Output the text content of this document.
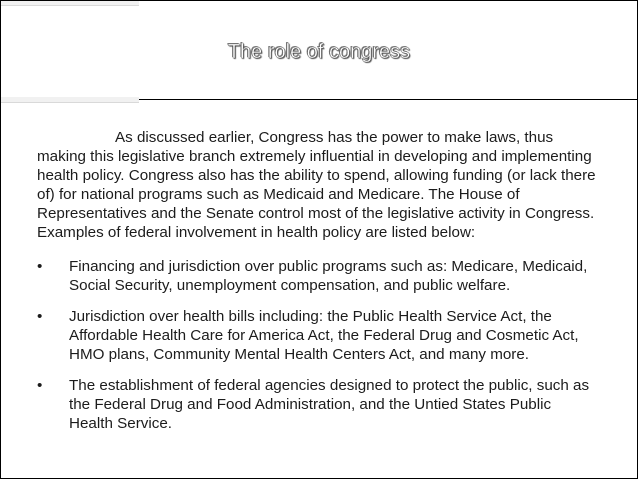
The role of congress

As discussed earlier, Congress has the power to make laws, thus making this legislative branch extremely influential in developing and implementing health policy. Congress also has the ability to spend, allowing funding (or lack there of) for national programs such as Medicaid and Medicare. The House of Representatives and the Senate control most of the legislative activity in Congress. Examples of federal involvement in health policy are listed below:

•	Financing and jurisdiction over public programs such as: Medicare, Medicaid, Social Security, unemployment compensation, and public welfare.
•	Jurisdiction over health bills including: the Public Health Service Act, the Affordable Health Care for America Act, the Federal Drug and Cosmetic Act, HMO plans, Community Mental Health Centers Act, and many more.
•	The establishment of federal agencies designed to protect the public, such as the Federal Drug and Food Administration, and the Untied States Public Health Service.
